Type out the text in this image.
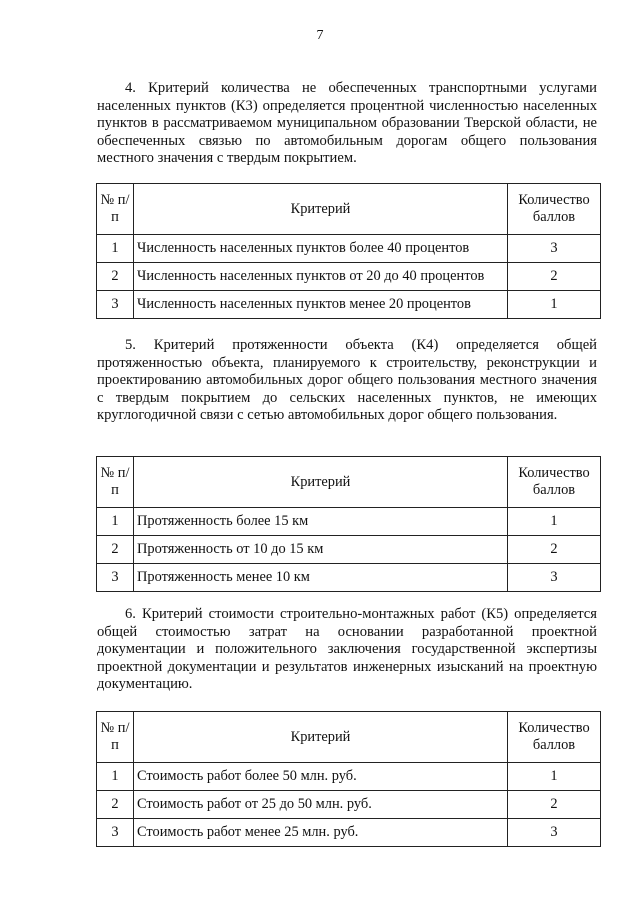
7
4. Критерий количества не обеспеченных транспортными услугами населенных пунктов (К3) определяется процентной численностью населенных пунктов в рассматриваемом муниципальном образовании Тверской области, не обеспеченных связью по автомобильным дорогам общего пользования местного значения с твердым покрытием.
№ п/п	Критерий	Количество баллов
1	Численность населенных пунктов более 40 процентов	3
2	Численность населенных пунктов от 20 до 40 процентов	2
3	Численность населенных пунктов менее 20 процентов	1
5. Критерий протяженности объекта (К4) определяется общей протяженностью объекта, планируемого к строительству, реконструкции и проектированию автомобильных дорог общего пользования местного значения с твердым покрытием до сельских населенных пунктов, не имеющих круглогодичной связи с сетью автомобильных дорог общего пользования.
№ п/п	Критерий	Количество баллов
1	Протяженность более 15 км	1
2	Протяженность от 10 до 15 км	2
3	Протяженность менее 10 км	3
6. Критерий стоимости строительно-монтажных работ (К5) определяется общей стоимостью затрат на основании разработанной проектной документации и положительного заключения государственной экспертизы проектной документации и результатов инженерных изысканий на проектную документацию.
№ п/п	Критерий	Количество баллов
1	Стоимость работ более 50 млн. руб.	1
2	Стоимость работ от 25 до 50 млн. руб.	2
3	Стоимость работ менее 25 млн. руб.	3
